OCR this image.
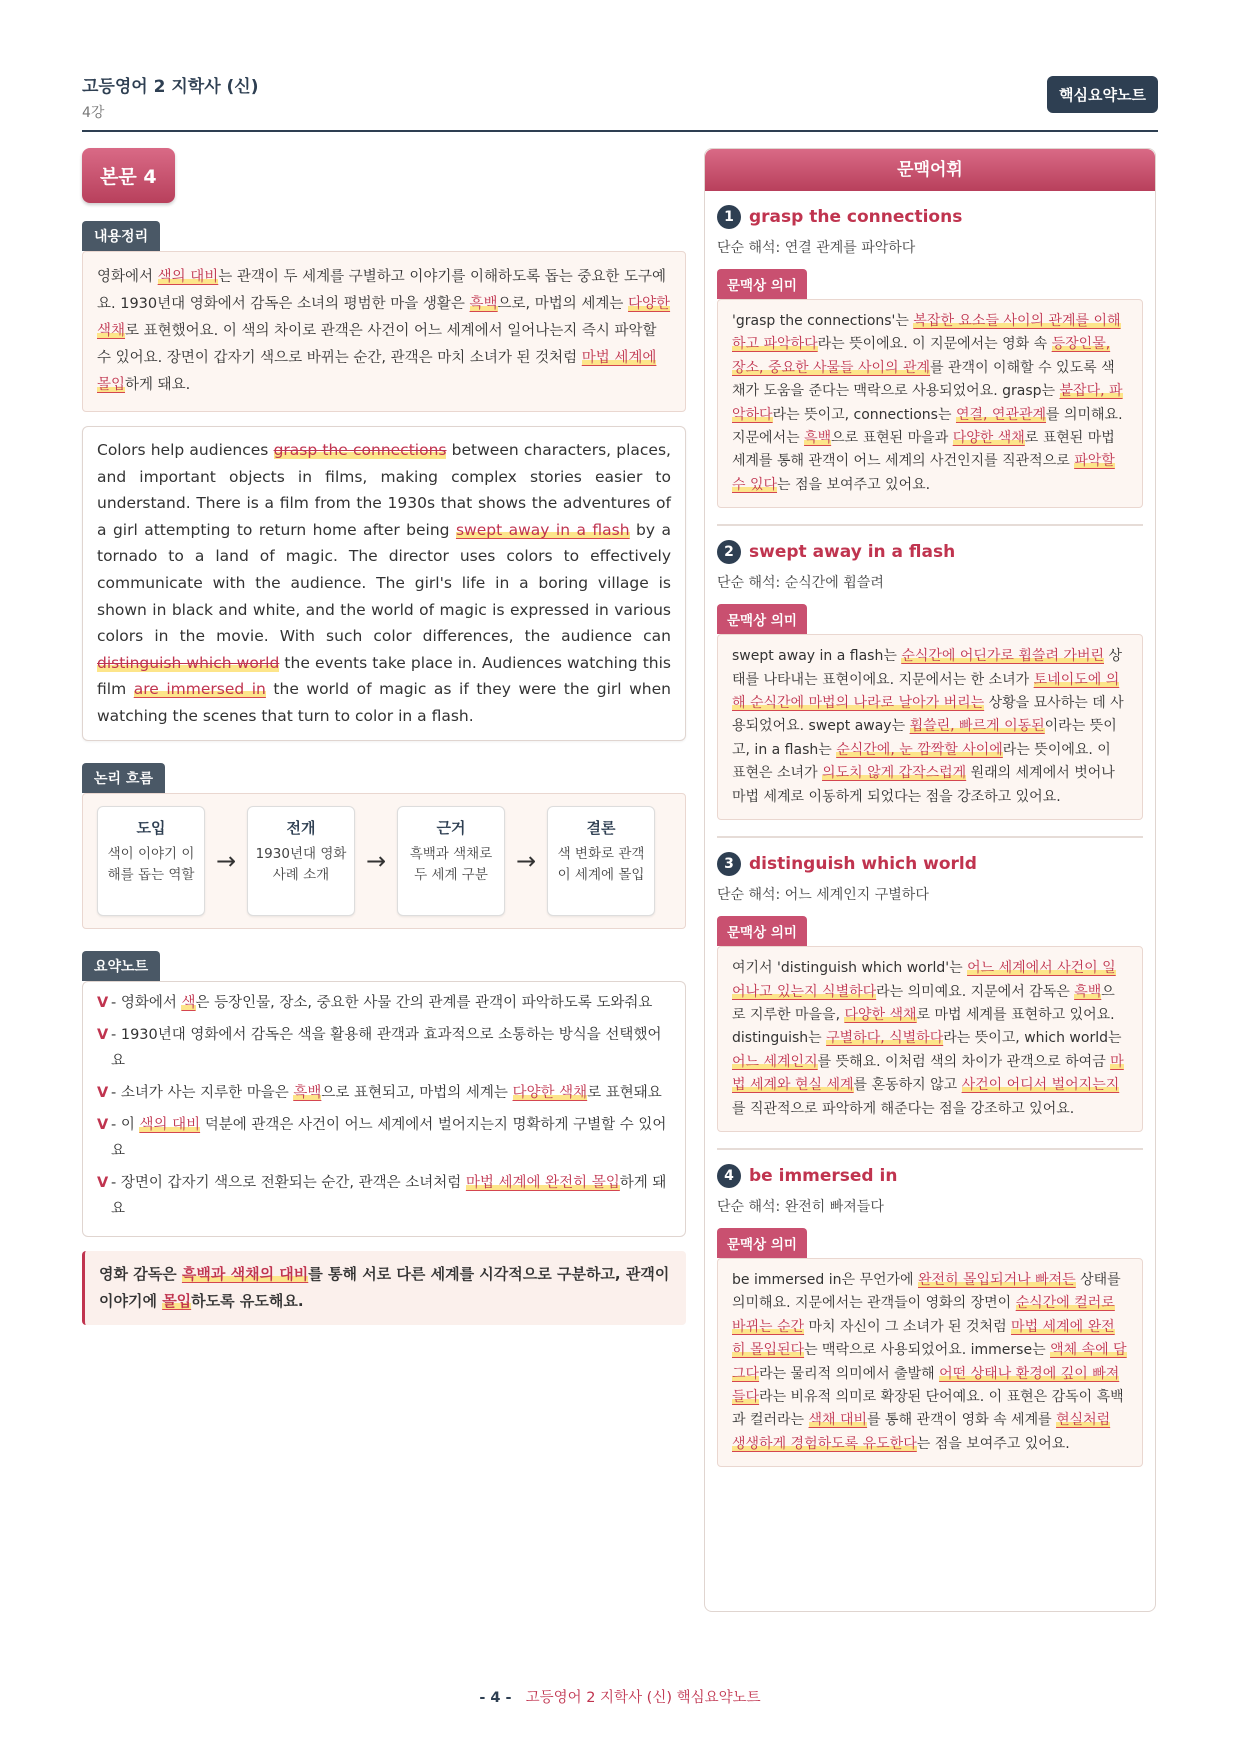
고등영어 2 지학사 (신)
4강
핵심요약노트
본문 4
내용정리
영화에서 색의 대비는 관객이 두 세계를 구별하고 이야기를 이해하도록 돕는 중요한 도구예요. 1930년대 영화에서 감독은 소녀의 평범한 마을 생활은 흑백으로, 마법의 세계는 다양한 색채로 표현했어요. 이 색의 차이로 관객은 사건이 어느 세계에서 일어나는지 즉시 파악할 수 있어요. 장면이 갑자기 색으로 바뀌는 순간, 관객은 마치 소녀가 된 것처럼 마법 세계에 몰입하게 돼요.
Colors help audiences grasp the connections between characters, places, and important objects in films, making complex stories easier to understand. There is a film from the 1930s that shows the adventures of a girl attempting to return home after being swept away in a flash by a tornado to a land of magic. The director uses colors to effectively communicate with the audience. The girl's life in a boring village is shown in black and white, and the world of magic is expressed in various colors in the movie. With such color differences, the audience can distinguish which world the events take place in. Audiences watching this film are immersed in the world of magic as if they were the girl when watching the scenes that turn to color in a flash.
논리 흐름
도입
색이 이야기 이해를 돕는 역할 →
전개
1930년대 영화 사례 소개	→
근거
흑백과 색채로 두 세계 구분	→
결론
색 변화로 관객이 세계에 몰입
요약노트
V - 영화에서 색은 등장인물, 장소, 중요한 사물 간의 관계를 관객이 파악하도록 도와줘요
V - 1930년대 영화에서 감독은 색을 활용해 관객과 효과적으로 소통하는 방식을 선택했어요
V - 소녀가 사는 지루한 마을은 흑백으로 표현되고, 마법의 세계는 다양한 색채로 표현돼요
V - 이 색의 대비 덕분에 관객은 사건이 어느 세계에서 벌어지는지 명확하게 구별할 수 있어요
V - 장면이 갑자기 색으로 전환되는 순간, 관객은 소녀처럼 마법 세계에 완전히 몰입하게 돼요
영화 감독은 흑백과 색채의 대비를 통해 서로 다른 세계를 시각적으로 구분하고, 관객이 이야기에 몰입하도록 유도해요.
문맥어휘
1 grasp the connections
단순 해석: 연결 관계를 파악하다
문맥상 의미
'grasp the connections'는 복잡한 요소들 사이의 관계를 이해하고 파악하다라는 뜻이에요. 이 지문에서는 영화 속 등장인물, 장소, 중요한 사물들 사이의 관계를 관객이 이해할 수 있도록 색채가 도움을 준다는 맥락으로 사용되었어요. grasp는 붙잡다, 파악하다라는 뜻이고, connections는 연결, 연관관계를 의미해요. 지문에서는 흑백으로 표현된 마을과 다양한 색채로 표현된 마법 세계를 통해 관객이 어느 세계의 사건인지를 직관적으로 파악할 수 있다는 점을 보여주고 있어요.
2 swept away in a flash
단순 해석: 순식간에 휩쓸려
문맥상 의미
swept away in a flash는 순식간에 어딘가로 휩쓸려 가버린 상태를 나타내는 표현이에요. 지문에서는 한 소녀가 토네이도에 의해 순식간에 마법의 나라로 날아가 버리는 상황을 묘사하는 데 사용되었어요. swept away는 휩쓸린, 빠르게 이동된이라는 뜻이고, in a flash는 순식간에, 눈 깜짝할 사이에라는 뜻이에요. 이 표현은 소녀가 의도치 않게 갑작스럽게 원래의 세계에서 벗어나 마법 세계로 이동하게 되었다는 점을 강조하고 있어요.
3 distinguish which world
단순 해석: 어느 세계인지 구별하다
문맥상 의미
여기서 'distinguish which world'는 어느 세계에서 사건이 일어나고 있는지 식별하다라는 의미예요. 지문에서 감독은 흑백으로 지루한 마을을, 다양한 색채로 마법 세계를 표현하고 있어요. distinguish는 구별하다, 식별하다라는 뜻이고, which world는 어느 세계인지를 뜻해요. 이처럼 색의 차이가 관객으로 하여금 마법 세계와 현실 세계를 혼동하지 않고 사건이 어디서 벌어지는지를 직관적으로 파악하게 해준다는 점을 강조하고 있어요.
4 be immersed in
단순 해석: 완전히 빠져들다
문맥상 의미
be immersed in은 무언가에 완전히 몰입되거나 빠져든 상태를 의미해요. 지문에서는 관객들이 영화의 장면이 순식간에 컬러로 바뀌는 순간 마치 자신이 그 소녀가 된 것처럼 마법 세계에 완전히 몰입된다는 맥락으로 사용되었어요. immerse는 액체 속에 담그다라는 물리적 의미에서 출발해 어떤 상태나 환경에 깊이 빠져들다라는 비유적 의미로 확장된 단어예요. 이 표현은 감독이 흑백과 컬러라는 색채 대비를 통해 관객이 영화 속 세계를 현실처럼 생생하게 경험하도록 유도한다는 점을 보여주고 있어요.
- 4 - 고등영어 2 지학사 (신) 핵심요약노트
